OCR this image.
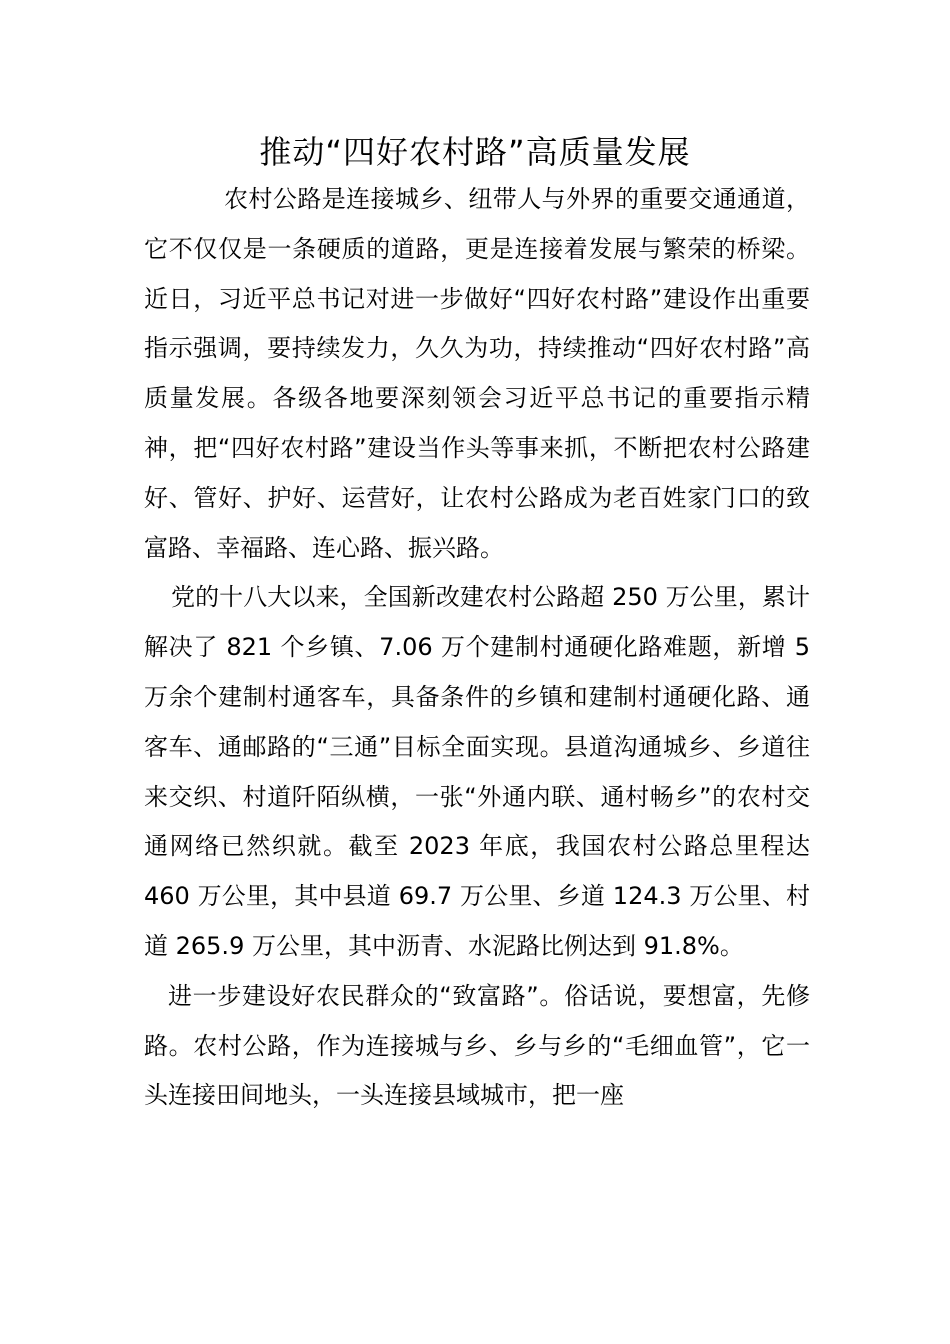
推动“四好农村路”高质量发展

农村公路是连接城乡、纽带人与外界的重要交通通道，它不仅仅是一条硬质的道路，更是连接着发展与繁荣的桥梁。近日，习近平总书记对进一步做好“四好农村路”建设作出重要指示强调，要持续发力，久久为功，持续推动“四好农村路”高质量发展。各级各地要深刻领会习近平总书记的重要指示精神，把“四好农村路”建设当作头等事来抓，不断把农村公路建好、管好、护好、运营好，让农村公路成为老百姓家门口的致富路、幸福路、连心路、振兴路。

党的十八大以来，全国新改建农村公路超 250 万公里，累计解决了 821 个乡镇、7.06 万个建制村通硬化路难题，新增 5 万余个建制村通客车，具备条件的乡镇和建制村通硬化路、通客车、通邮路的“三通”目标全面实现。县道沟通城乡、乡道往来交织、村道阡陌纵横，一张“外通内联、通村畅乡”的农村交通网络已然织就。截至 2023 年底，我国农村公路总里程达 460 万公里，其中县道 69.7 万公里、乡道 124.3 万公里、村道 265.9 万公里，其中沥青、水泥路比例达到 91.8%。

进一步建设好农民群众的“致富路”。俗话说，要想富，先修路。农村公路，作为连接城与乡、乡与乡的“毛细血管”，它一头连接田间地头，一头连接县域城市，把一座
